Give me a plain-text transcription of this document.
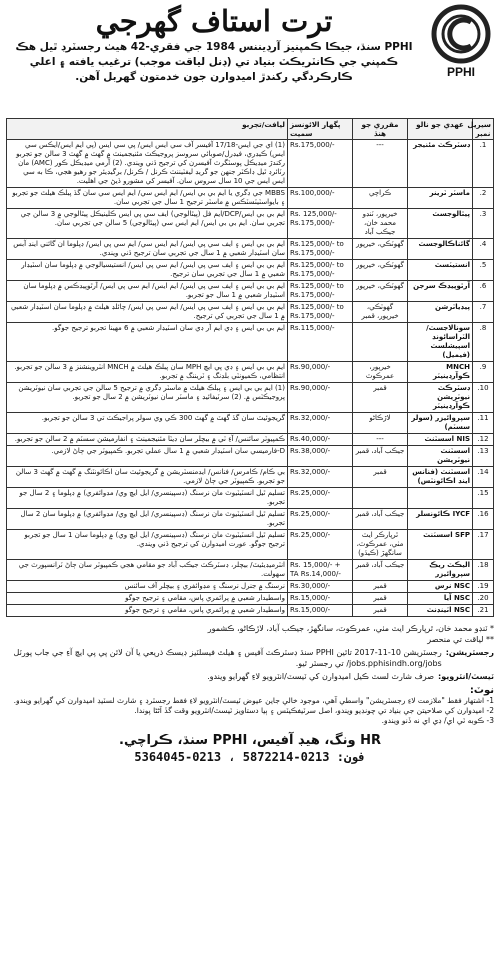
ترت استاف گھرجي
PPHI سنڌ، جيڪا ڪمپنيز آرڊيننس 1984 جي فقري-42 هيٺ رجسٽرڊ ٿيل هڪ ڪمپني جي ڪانٽريڪٽ بنياد تي (ڊنل لياقت موجب) ترغيب يافته ۽ اعلي ڪارڪردگي رکندڙ اميدوارن جون خدمتون گھربل آهن.	PPHI
سيريل نمبر	عهدي جو نالو	مقرري جو هنڌ	پگھار الائونسز سميت	ليافت/تجربو
1.	ڊسٽرڪٽ مئنيجر	---	Rs.175,000/-	(1) اي جي ايس-17/18 آفيسر آف سي ايس ايس/ پي سي ايس (پي ايم ايس/ايڪس سي ايس) ڪيڊري، فيڊرل/صوبائي سروسز پروجيڪٽ مئنيجمينٽ ۾ گھٽ ۾ گھٽ 3 سالن جو تجربو رکندڙ ميڊيڪل پوسٽگرٽ آفيسرن کي ترجيح ڏني ويندي. (2) آرمي ميڊيڪل ڪور (AMC) مان رٽائرڊ ٿيل ڊاڪٽر جنهن جو گريڊ ليفٽيننٽ ڪرنل / ڪرنل/ برگيڊيئر جو رهيو هجي، ڪا به سي ايس ايس جي 10 سال سروس سان. آفيسر کي مشورو ڏيڻ جي اهليت.
2.	ماسٽر ٽرينر	ڪراچي	Rs.100,000/-	MBBS جي ڊگري يا ايم بي بي ايس/ ايم ايس سي/ ايم ايس سي سان گڏ پبلڪ هيلٿ جو تجربو ۽ بايواسٽيٽسٽڪس ۾ ماسٽر ترجيح 1 سال جي تجربي سان.
3.	پيٿالوجسٽ	خيرپور، ٽنڊو محمد خان، جيڪب آباد	Rs. 125,000/- Rs.175,000/-	ايم بي بي ايس/DCP/ايم فل (پيٿالوجي) ايف سي پي ايس ڪلينيڪل پيٿالوجي ۾ 3 سالن جي تجربي سان. ايم بي بي ايس/ ايم ايس سي (پيٿالوجي) 5 سالن جي تجربي سان.
4.	گائناڪالوجسٽ	گھوٽڪي، خيرپور	Rs.125,000/- to Rs.175,000/-	ايم بي بي ايس ۽ ايف سي پي ايس/ ايم ايس سي/ ايم سي پي ايس/ ڊپلوما ان گائني اينڊ آبس سان اسٽيڊار شعبي ۾ 1 سال جي تجربي سان ترجيح ڏني ويندي.
5.	انستيٽسٽ	گھوٽڪي، خيرپور	Rs.125,000/- to Rs.175,000/-	ايم بي بي ايس ۽ ايف سي پي ايس/ ايم سي پي ايس/ انستيسيالوجي ۾ ڊپلوما سان اسٽيڊار شعبي ۾ 1 سال جي تجربي سان ترجيح.
6.	آرٿوپيڊڪ سرجن	گھوٽڪي، خيرپور	Rs.125,000/- to Rs.175,000/-	ايم بي بي ايس ۽ ايف سي پي ايس/ ايم ايس/ ايم سي پي ايس/ آرٿوپيڊڪس ۾ ڊپلوما سان اسٽيڊار شعبي ۾ 1 سال جو تجربو.
7.	پيڊياٽرشن	گھوٽڪي، خيرپور، قمبر	Rs.125,000/- to Rs.175,000/-	ايم بي بي ايس ۽ ايف سي پي ايس/ ايم سي پي ايس/ چائلڊ هيلٿ ۾ ڊپلوما سان اسٽيڊار شعبي ۾ 1 سال جي تجربي کي ترجيح.
8.	سونالاجسٽ/الٽراسائونڊ اسپيشلسٽ (فيميل)		Rs.115,000/-	ايم بي بي ايس ۽ ڊي ايم آر ڊي سان اسٽيڊار شعبي ۾ 6 مهينا تجربو ترجيح جوگو.
9.	MNCH ڪوآرڊينيٽر	خيرپور، عمرڪوٽ	Rs.90,000/-	ايم بي بي ايس ۽ ڊي پي ايڇ MPH سان پبلڪ هيلٿ ۾ MNCH انٽروينشنز ۾ 3 سالن جو تجربو. انتظامي، ڪميونٽي بلڊنگ ۽ ٽريننگ ۾ تجربو.
10.	ڊسٽرڪٽ نيوٽريشن ڪوآرڊينيٽر	قمبر	Rs.90,000/-	(1) ايم بي بي ايس ۽ پبلڪ هيلٿ ۾ ماسٽر ڊگري ۾ ترجيح 5 سالن جي تجربي سان نيوٽريشن پروجيڪٽس ۾. (2) سرٽيفائيڊ ۽ ماسٽر سان نيوٽريشن ۾ 2 سال جو تجربو.
11.	سپروائيزر (سولر سسٽم)	لاڙڪاڻو	Rs.32,000/-	گريجوئيٽ سان گڏ گھٽ ۾ گھٽ 300 ڪي وي سولر پراجيڪٽ تي 3 سالن جو تجربو.
12.	NIS اسسٽنٽ	---	Rs.40,000/-	ڪمپيوٽر سائنس/ آءِ ٽي ۾ بيچلر سان ڊيٽا مئنيجمينٽ ۽ انفارميشن سسٽم ۾ 2 سالن جو تجربو.
13.	اسسٽنٽ نيوٽريشن	جيڪب آباد، قمبر	Rs.38,000/-	D-فارميسي سان اسٽيڊار شعبي ۾ 1 سال عملي تجربو. ڪمپيوٽر جي ڄاڻ لازمي.
14.	اسسٽنٽ (فنانس اينڊ اڪائونٽس)	قمبر	Rs.32,000/-	بي ڪام/ ڪامرس/ فنانس/ ايڊمنسٽريشن ۾ گريجوئيٽ سان اڪائونٽنگ ۾ گھٽ ۾ گھٽ 3 سالن جو تجربو. ڪمپيوٽر جي ڄاڻ لازمي.
15.			Rs.25,000/-	تسليم ٿيل انسٽيٽيوٽ مان نرسنگ (ڊسپينسري/ ايل ايڇ وي/ مڊوائفري) ۾ ڊپلوما ۽ 2 سال جو تجربو.
16.	IYCF ڪائونسلر	جيڪب آباد، قمبر	Rs.25,000/-	تسليم ٿيل انسٽيٽيوٽ مان نرسنگ (ڊسپينسري/ ايل ايڇ وي/ مڊوائفري) ۾ ڊپلوما سان 2 سال تجربو.
17.	SFP اسسٽنٽ	ٿرپارڪر ايٽ مٺي، عمرڪوٽ، سانگھڙ (ڪيڏو)	Rs.25,000/-	تسليم ٿيل انسٽيٽيوٽ مان نرسنگ (ڊسپينسري/ ايل ايڇ وي) ۾ ڊپلوما سان 1 سال جو تجربو ترجيح جوگو. عورت اميدوارن کي ترجيح ڏني ويندي.
18.	اليڪٽ ريڪ سپروائيزر	جيڪب آباد، قمبر	Rs. 15,000/- + TA Rs.14,000/-	انٽرميڊيئيٽ/ بيچلر، ڊسٽرڪٽ جيڪب آباد جو مقامي هجي ڪمپيوٽر سان ڄاڻ ٽرانسپورٽ جي سهولت.
19.	NSC نرس	قمبر	Rs.30,000/-	نرسنگ ۾ جنرل نرسنگ ۽ مڊوائفري ۽ بيچلر آف سائنس
20.	NSC آيا	قمبر	Rs.15,000/-	واسطيدار شعبي ۾ پرائمري پاس، مقامي ۽ ترجيح جوگو
21.	NSC اٽينڊنٽ	قمبر	Rs.15,000/-	واسطيدار شعبي ۾ پرائمري پاس، مقامي ۽ ترجيح جوگو
* ٽنڊو محمد خان، ٿرپارڪر ايٽ مٺي، عمرڪوٽ، سانگھڙ، جيڪب آباد، لاڙڪاڻو، ڪشمور
** لياقت تي منحصر
رجسٽريشن:
رجسٽريشن 10-11-2017 تائين PPHI سنڌ ڊسٽرڪٽ آفيس ۽ هيلٿ فيسلٽيز ڊيسڪ ذريعي يا آن لائن پي پي ايڇ آءِ جي جاب پورٽل jobs.pphisindh.org/jobs/ تي رجسٽر ٿيو.
ٽيسٽ/انٽرويو:
صرف شارٽ لسٽ ڪيل اميدوارن کي ٽيسٽ/انٽرويو لاءِ گھرايو ويندو.
نوٽ:
1- اشتهار فقط "ملازمت لاءِ رجسٽريشن" واسطي آهي، موجود خالي جاين عيوض ٽيسٽ/انٽرويو لاءِ فقط رجسٽرڊ ۽ شارٽ لسٽيڊ اميدوارن کي گھرايو ويندو.
2- اميدوارن کي صلاحيتن جي بنياد تي چونڊيو ويندو، اصل سرٽيفڪيٽس ۽ ٻيا دستاويز ٽيسٽ/انٽرويو وقت گڏ آڻڻا پوندا.
3- ڪوبه ٽي اي/ ڊي اي نه ڏنو ويندو.
HR ونگ، هيڊ آفيس، PPHI سنڌ، ڪراچي.
فون: 0213-5872214 ، 0213-5364045
